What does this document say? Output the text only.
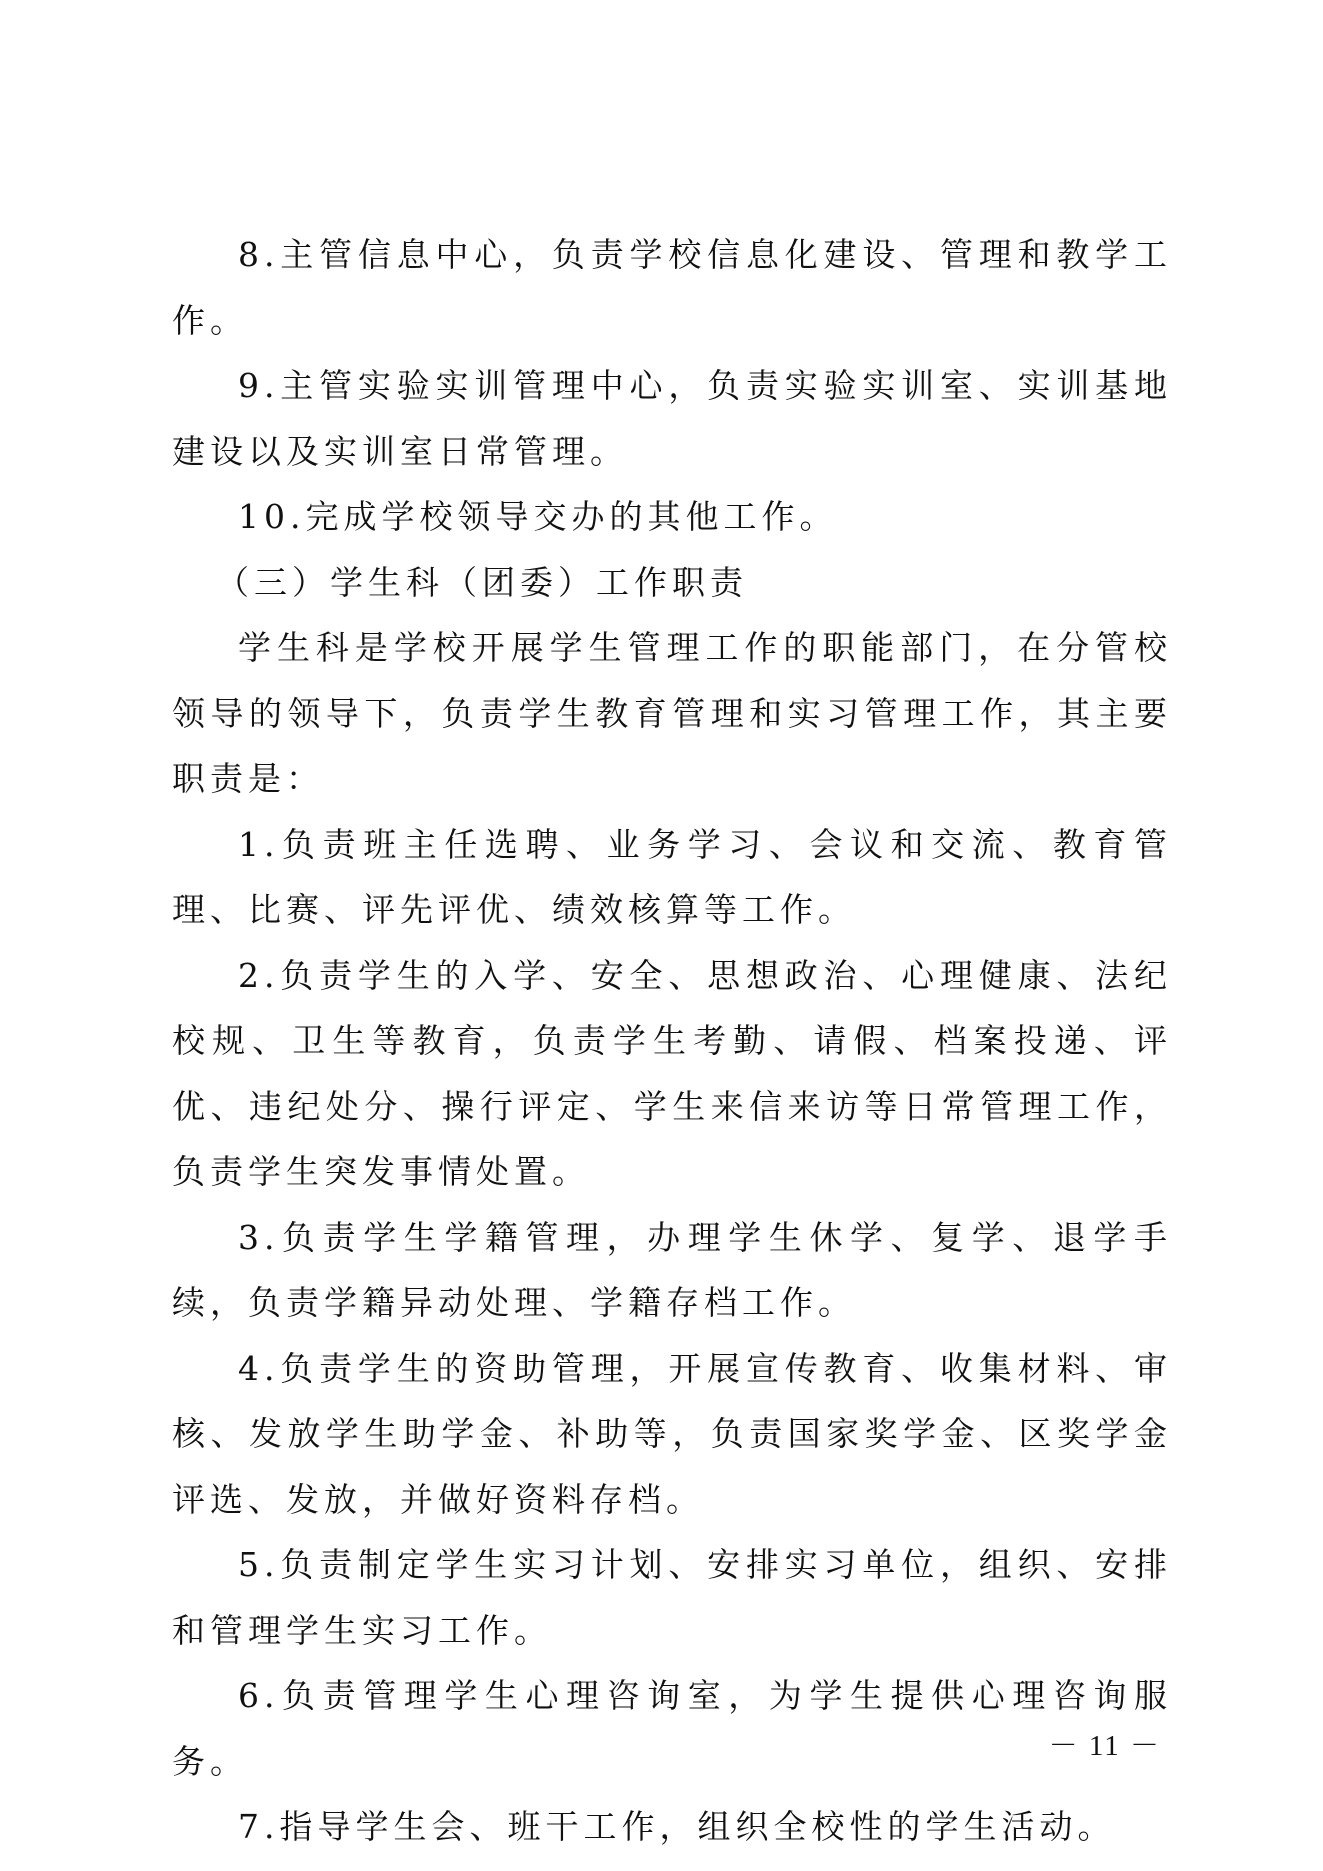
8.主管信息中心，负责学校信息化建设、管理和教学工作。

9.主管实验实训管理中心，负责实验实训室、实训基地建设以及实训室日常管理。

10.完成学校领导交办的其他工作。

（三）学生科（团委）工作职责

学生科是学校开展学生管理工作的职能部门，在分管校领导的领导下，负责学生教育管理和实习管理工作，其主要职责是：

1.负责班主任选聘、业务学习、会议和交流、教育管理、比赛、评先评优、绩效核算等工作。

2.负责学生的入学、安全、思想政治、心理健康、法纪校规、卫生等教育，负责学生考勤、请假、档案投递、评优、违纪处分、操行评定、学生来信来访等日常管理工作，负责学生突发事情处置。

3.负责学生学籍管理，办理学生休学、复学、退学手续，负责学籍异动处理、学籍存档工作。

4.负责学生的资助管理，开展宣传教育、收集材料、审核、发放学生助学金、补助等，负责国家奖学金、区奖学金评选、发放，并做好资料存档。

5.负责制定学生实习计划、安排实习单位，组织、安排和管理学生实习工作。

6.负责管理学生心理咨询室，为学生提供心理咨询服务。

7.指导学生会、班干工作，组织全校性的学生活动。

－ 11 －
